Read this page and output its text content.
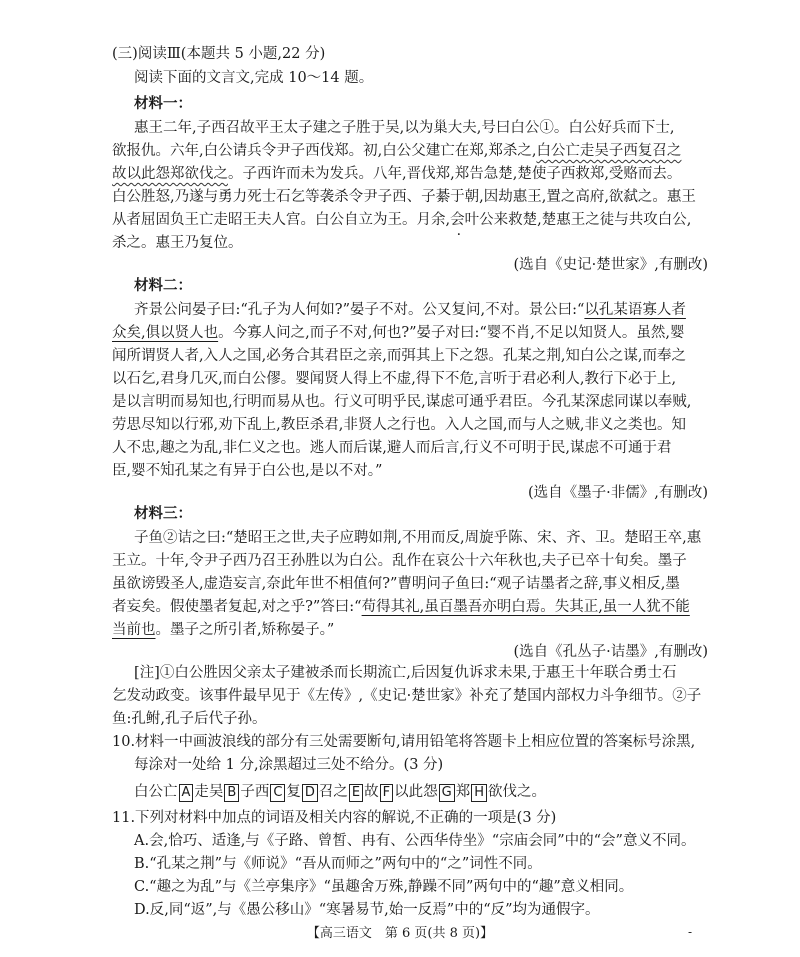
(三)阅读Ⅲ(本题共 5 小题,22 分)
阅读下面的文言文,完成 10～14 题。
材料一：
惠王二年,子西召故平王太子建之子胜于吴,以为巢大夫,号曰白公①。白公好兵而下士,
欲报仇。六年,白公请兵令尹子西伐郑。初,白公父建亡在郑,郑杀之,白公亡走吴子西复召之
故以此怨郑欲伐之。子西许而未为发兵。八年,晋伐郑,郑告急楚,楚使子西救郑,受赂而去。
白公胜怒,乃遂与勇力死士石乞等袭杀令尹子西、子綦于朝,因劫惠王,置之高府,欲弑之。惠王
从者屈固负王亡走昭王夫人宫。白公自立为王。月余,会叶公来救楚,楚惠王之徒与共攻白公,
杀之。惠王乃复位。
(选自《史记·楚世家》,有删改)
材料二：
齐景公问晏子曰:“孔子为人何如?”晏子不对。公又复问,不对。景公曰:“以孔某语寡人者
众矣,俱以贤人也。今寡人问之,而子不对,何也?”晏子对曰:“婴不肖,不足以知贤人。虽然,婴
闻所谓贤人者,入人之国,必务合其君臣之亲,而弭其上下之怨。孔某之荆,知白公之谋,而奉之
以石乞,君身几灭,而白公僇。婴闻贤人得上不虚,得下不危,言听于君必利人,教行下必于上,
是以言明而易知也,行明而易从也。行义可明乎民,谋虑可通乎君臣。今孔某深虑同谋以奉贼,
劳思尽知以行邪,劝下乱上,教臣杀君,非贤人之行也。入人之国,而与人之贼,非义之类也。知
人不忠,趣之为乱,非仁义之也。逃人而后谋,避人而后言,行义不可明于民,谋虑不可通于君
臣,婴不知孔某之有异于白公也,是以不对。”
(选自《墨子·非儒》,有删改)
材料三：
子鱼②诘之曰:“楚昭王之世,夫子应聘如荆,不用而反,周旋乎陈、宋、齐、卫。楚昭王卒,惠
王立。十年,令尹子西乃召王孙胜以为白公。乱作在哀公十六年秋也,夫子已卒十旬矣。墨子
虽欲谤毁圣人,虚造妄言,奈此年世不相值何?”曹明问子鱼曰:“观子诘墨者之辞,事义相反,墨
者妄矣。假使墨者复起,对之乎?”答曰:“苟得其礼,虽百墨吾亦明白焉。失其正,虽一人犹不能
当前也。墨子之所引者,矫称晏子。”
(选自《孔丛子·诘墨》,有删改)
[注]①白公胜因父亲太子建被杀而长期流亡,后因复仇诉求未果,于惠王十年联合勇士石
乞发动政变。该事件最早见于《左传》,《史记·楚世家》补充了楚国内部权力斗争细节。②子
鱼:孔鲋,孔子后代子孙。
10.材料一中画波浪线的部分有三处需要断句,请用铅笔将答题卡上相应位置的答案标号涂黑,
每涂对一处给 1 分,涂黑超过三处不给分。(3 分)
白公亡 A 走吴 B 子西 C 复 D 召之 E 故 F 以此怨 G 郑 H 欲伐之。
11.下列对材料中加点的词语及相关内容的解说,不正确的一项是(3 分)
A.会,恰巧、适逢,与《子路、曾皙、冉有、公西华侍坐》“宗庙会同”中的“会”意义不同。
B.“孔某之荆”与《师说》“吾从而师之”两句中的“之”词性不同。
C.“趣之为乱”与《兰亭集序》“虽趣舍万殊,静躁不同”两句中的“趣”意义相同。
D.反,同“返”,与《愚公移山》“寒暑易节,始一反焉”中的“反”均为通假字。
【高三语文　第 6 页(共 8 页)】	-
